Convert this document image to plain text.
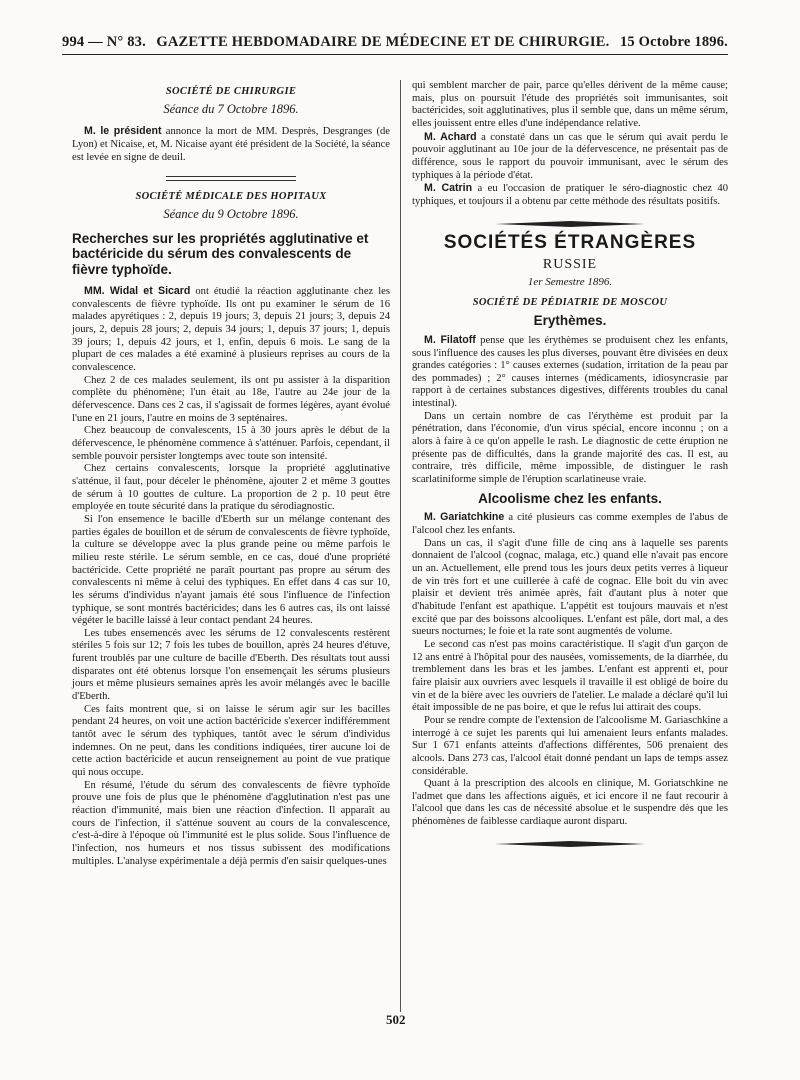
994 — N° 83. GAZETTE HEBDOMADAIRE DE MÉDECINE ET DE CHIRURGIE. 15 Octobre 1896.
SOCIÉTÉ DE CHIRURGIE
Séance du 7 Octobre 1896.

M. le président annonce la mort de MM. Desprès, Desgranges (de Lyon) et Nicaise, et, M. Nicaise ayant été président de la Société, la séance est levée en signe de deuil.

SOCIÉTÉ MÉDICALE DES HOPITAUX
Séance du 9 Octobre 1896.
Recherches sur les propriétés agglutinative et bactéricide du sérum des convalescents de fièvre typhoïde.

MM. Widal et Sicard ont étudié la réaction agglutinante chez les convalescents de fièvre typhoïde. Ils ont pu examiner le sérum de 16 malades apyrétiques : 2, depuis 19 jours; 3, depuis 21 jours; 3, depuis 24 jours, 2, depuis 28 jours; 2, depuis 34 jours; 1, depuis 37 jours; 1, depuis 39 jours; 1, depuis 42 jours, et 1, enfin, depuis 6 mois. Le sang de la plupart de ces malades a été examiné à plusieurs reprises au cours de la convalescence.

Chez 2 de ces malades seulement, ils ont pu assister à la disparition complète du phénomène; l'un était au 18e, l'autre au 24e jour de la défervescence. Dans ces 2 cas, il s'agissait de formes légères, ayant évolué l'une en 21 jours, l'autre en moins de 3 septénaires.

Chez beaucoup de convalescents, 15 à 30 jours après le début de la défervescence, le phénomène commence à s'atténuer. Parfois, cependant, il semble pouvoir persister longtemps avec toute son intensité.

Chez certains convalescents, lorsque la propriété agglutinative s'atténue, il faut, pour déceler le phénomène, ajouter 2 et même 3 gouttes de sérum à 10 gouttes de culture. La proportion de 2 p. 10 peut être employée en toute sécurité dans la pratique du sérodiagnostic.

Si l'on ensemence le bacille d'Eberth sur un mélange contenant des parties égales de bouillon et de sérum de convalescents de fièvre typhoïde, la culture se développe avec la plus grande peine ou même parfois le milieu reste stérile. Le sérum semble, en ce cas, doué d'une propriété bactéricide. Cette propriété ne paraît pourtant pas propre au sérum des convalescents ni même à celui des typhiques. En effet dans 4 cas sur 10, les sérums d'individus n'ayant jamais été sous l'influence de l'infection typhique, se sont montrés bactéricides; dans les 6 autres cas, ils ont laissé végéter le bacille laissé à leur contact pendant 24 heures.

Les tubes ensemencés avec les sérums de 12 convalescents restèrent stériles 5 fois sur 12; 7 fois les tubes de bouillon, après 24 heures d'étuve, furent troublés par une culture de bacille d'Eberth. Des résultats tout aussi disparates ont été obtenus lorsque l'on ensemençait les sérums plusieurs jours et même plusieurs semaines après les avoir mélangés avec le bacille d'Eberth.

Ces faits montrent que, si on laisse le sérum agir sur les bacilles pendant 24 heures, on voit une action bactéricide s'exercer indifféremment tantôt avec le sérum des typhiques, tantôt avec le sérum d'individus indemnes. On ne peut, dans les conditions indiquées, tirer aucune loi de cette action bactéricide et aucun renseignement au point de vue pratique qui nous occupe.

En résumé, l'étude du sérum des convalescents de fièvre typhoïde prouve une fois de plus que le phénomène d'agglutination n'est pas une réaction d'immunité, mais bien une réaction d'infection. Il apparaît au cours de l'infection, il s'atténue souvent au cours de la convalescence, c'est-à-dire à l'époque où l'immunité est le plus solide. Sous l'influence de l'infection, nos humeurs et nos tissus subissent des modifications multiples. L'analyse expérimentale a déjà permis d'en saisir quelques-unes

qui semblent marcher de pair, parce qu'elles dérivent de la même cause; mais, plus on poursuit l'étude des propriétés soit immunisantes, soit bactéricides, soit agglutinatives, plus il semble que, dans un même sérum, elles jouissent entre elles d'une indépendance relative.

M. Achard a constaté dans un cas que le sérum qui avait perdu le pouvoir agglutinant au 10e jour de la défervescence, ne présentait pas de différence, sous le rapport du pouvoir immunisant, avec le sérum des typhiques à la période d'état.

M. Catrin a eu l'occasion de pratiquer le séro-diagnostic chez 40 typhiques, et toujours il a obtenu par cette méthode des résultats positifs.

SOCIÉTÉS ÉTRANGÈRES
RUSSIE
1er Semestre 1896.
SOCIÉTÉ DE PÉDIATRIE DE MOSCOU
Erythèmes.

M. Filatoff pense que les érythèmes se produisent chez les enfants, sous l'influence des causes les plus diverses, pouvant être divisées en deux grandes catégories : 1° causes externes (sudation, irritation de la peau par des pommades) ; 2° causes internes (médicaments, idiosyncrasie par rapport à de certaines substances digestives, différents troubles du canal intestinal).

Dans un certain nombre de cas l'érythème est produit par la pénétration, dans l'économie, d'un virus spécial, encore inconnu ; on a alors à faire à ce qu'on appelle le rash. Le diagnostic de cette éruption ne présente pas de difficultés, dans la grande majorité des cas. Il est, au contraire, très difficile, même impossible, de distinguer le rash scarlatiniforme simple de l'éruption scarlatineuse vraie.

Alcoolisme chez les enfants.

M. Gariatchkine a cité plusieurs cas comme exemples de l'abus de l'alcool chez les enfants.

Dans un cas, il s'agit d'une fille de cinq ans à laquelle ses parents donnaient de l'alcool (cognac, malaga, etc.) quand elle n'avait pas encore un an. Actuellement, elle prend tous les jours deux petits verres à liqueur de vin très fort et une cuillerée à café de cognac. Elle boit du vin avec plaisir et devient très animée après, fait d'autant plus à noter que d'habitude l'enfant est apathique. L'appétit est toujours mauvais et n'est excité que par des boissons alcooliques. L'enfant est pâle, dort mal, a des sueurs nocturnes; le foie et la rate sont augmentés de volume.

Le second cas n'est pas moins caractéristique. Il s'agit d'un garçon de 12 ans entré à l'hôpital pour des nausées, vomissements, de la diarrhée, du tremblement dans les bras et les jambes. L'enfant est apprenti et, pour faire plaisir aux ouvriers avec lesquels il travaille il est obligé de boire du vin et de la bière avec les ouvriers de l'atelier. Le malade a déclaré qu'il lui était impossible de ne pas boire, et que le refus lui attirait des coups.

Pour se rendre compte de l'extension de l'alcoolisme M. Gariaschkine a interrogé à ce sujet les parents qui lui amenaient leurs enfants malades. Sur 1 671 enfants atteints d'affections différentes, 506 prenaient des alcools. Dans 273 cas, l'alcool était donné pendant un laps de temps assez considérable.

Quant à la prescription des alcools en clinique, M. Goriatschkine ne l'admet que dans les affections aiguës, et ici encore il ne faut recourir à l'alcool que dans les cas de nécessité absolue et le suspendre dès que les phénomènes de faiblesse cardiaque auront disparu.

502
